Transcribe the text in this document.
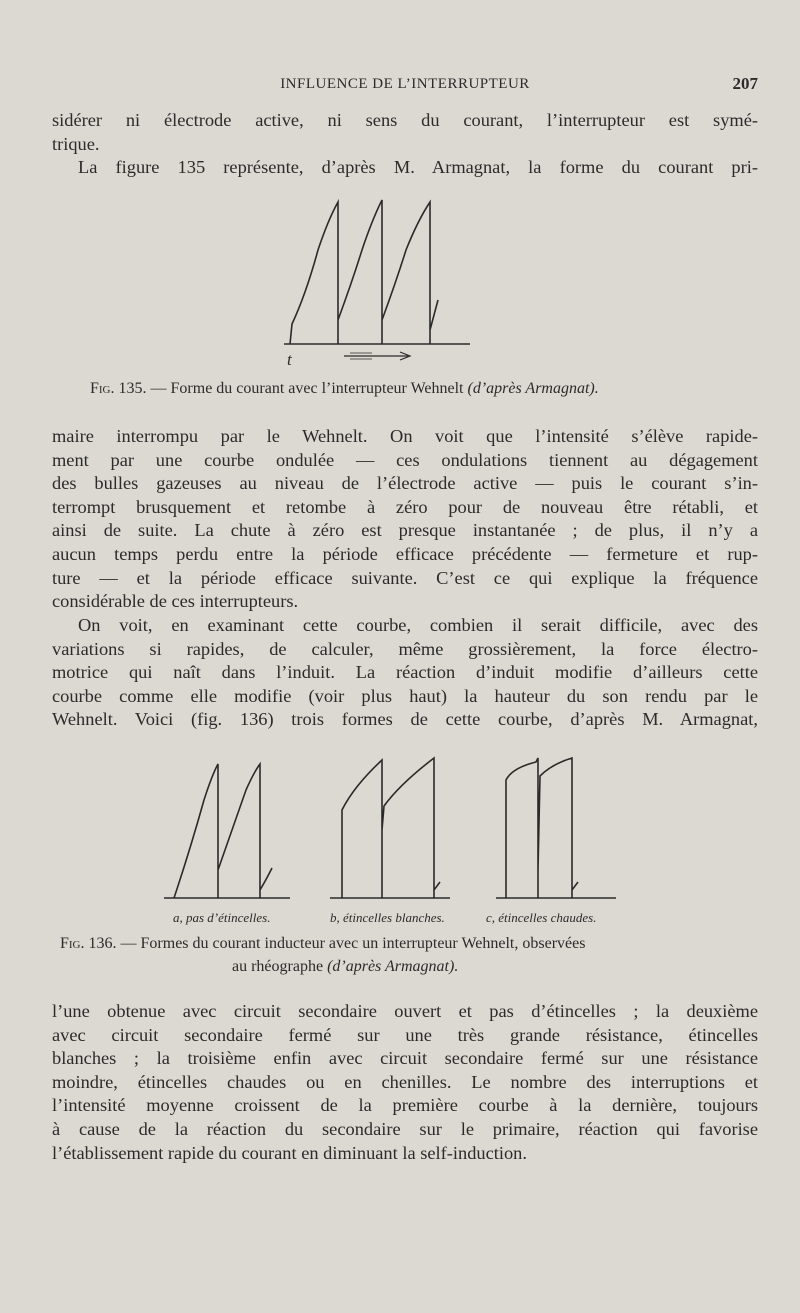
INFLUENCE DE L’INTERRUPTEUR	207
sidérer ni électrode active, ni sens du courant, l’interrupteur est symé-
trique.
La figure 135 représente, d’après M. Armagnat, la forme du courant pri-
t
Fig. 135. — Forme du courant avec l’interrupteur Wehnelt (d’après Armagnat).
maire interrompu par le Wehnelt. On voit que l’intensité s’élève rapide-
ment par une courbe ondulée — ces ondulations tiennent au dégagement
des bulles gazeuses au niveau de l’électrode active — puis le courant s’in-
terrompt brusquement et retombe à zéro pour de nouveau être rétabli, et
ainsi de suite. La chute à zéro est presque instantanée ; de plus, il n’y a
aucun temps perdu entre la période efficace précédente — fermeture et rup-
ture — et la période efficace suivante. C’est ce qui explique la fréquence
considérable de ces interrupteurs.
On voit, en examinant cette courbe, combien il serait difficile, avec des
variations si rapides, de calculer, même grossièrement, la force électro-
motrice qui naît dans l’induit. La réaction d’induit modifie d’ailleurs cette
courbe comme elle modifie (voir plus haut) la hauteur du son rendu par le
Wehnelt. Voici (fig. 136) trois formes de cette courbe, d’après M. Armagnat,
a, pas d’étincelles.	b, étincelles blanches.	c, étincelles chaudes.
Fig. 136. — Formes du courant inducteur avec un interrupteur Wehnelt, observées
au rhéographe (d’après Armagnat).
l’une obtenue avec circuit secondaire ouvert et pas d’étincelles ; la deuxième
avec circuit secondaire fermé sur une très grande résistance, étincelles
blanches ; la troisième enfin avec circuit secondaire fermé sur une résistance
moindre, étincelles chaudes ou en chenilles. Le nombre des interruptions et
l’intensité moyenne croissent de la première courbe à la dernière, toujours
à cause de la réaction du secondaire sur le primaire, réaction qui favorise
l’établissement rapide du courant en diminuant la self-induction.
